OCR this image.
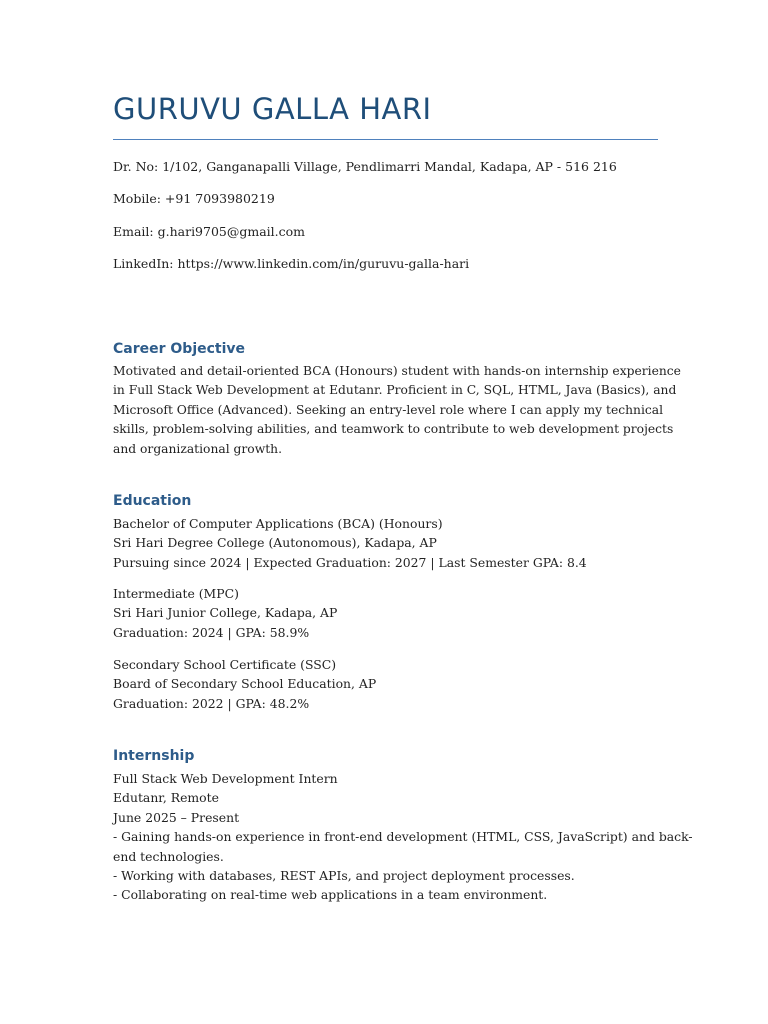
GURUVU GALLA HARI
Dr. No: 1/102, Ganganapalli Village, Pendlimarri Mandal, Kadapa, AP - 516 216
Mobile: +91 7093980219
Email: g.hari9705@gmail.com
LinkedIn: https://www.linkedin.com/in/guruvu-galla-hari
Career Objective

Motivated and detail-oriented BCA (Honours) student with hands-on internship experience
in Full Stack Web Development at Edutanr. Proficient in C, SQL, HTML, Java (Basics), and
Microsoft Office (Advanced). Seeking an entry-level role where I can apply my technical
skills, problem-solving abilities, and teamwork to contribute to web development projects
and organizational growth.

Education
Bachelor of Computer Applications (BCA) (Honours)
Sri Hari Degree College (Autonomous), Kadapa, AP
Pursuing since 2024 | Expected Graduation: 2027 | Last Semester GPA: 8.4
Intermediate (MPC)
Sri Hari Junior College, Kadapa, AP
Graduation: 2024 | GPA: 58.9%
Secondary School Certificate (SSC)
Board of Secondary School Education, AP
Graduation: 2022 | GPA: 48.2%
Internship
Full Stack Web Development Intern
Edutanr, Remote
June 2025 – Present
- Gaining hands-on experience in front-end development (HTML, CSS, JavaScript) and back-
end technologies.
- Working with databases, REST APIs, and project deployment processes.
- Collaborating on real-time web applications in a team environment.
